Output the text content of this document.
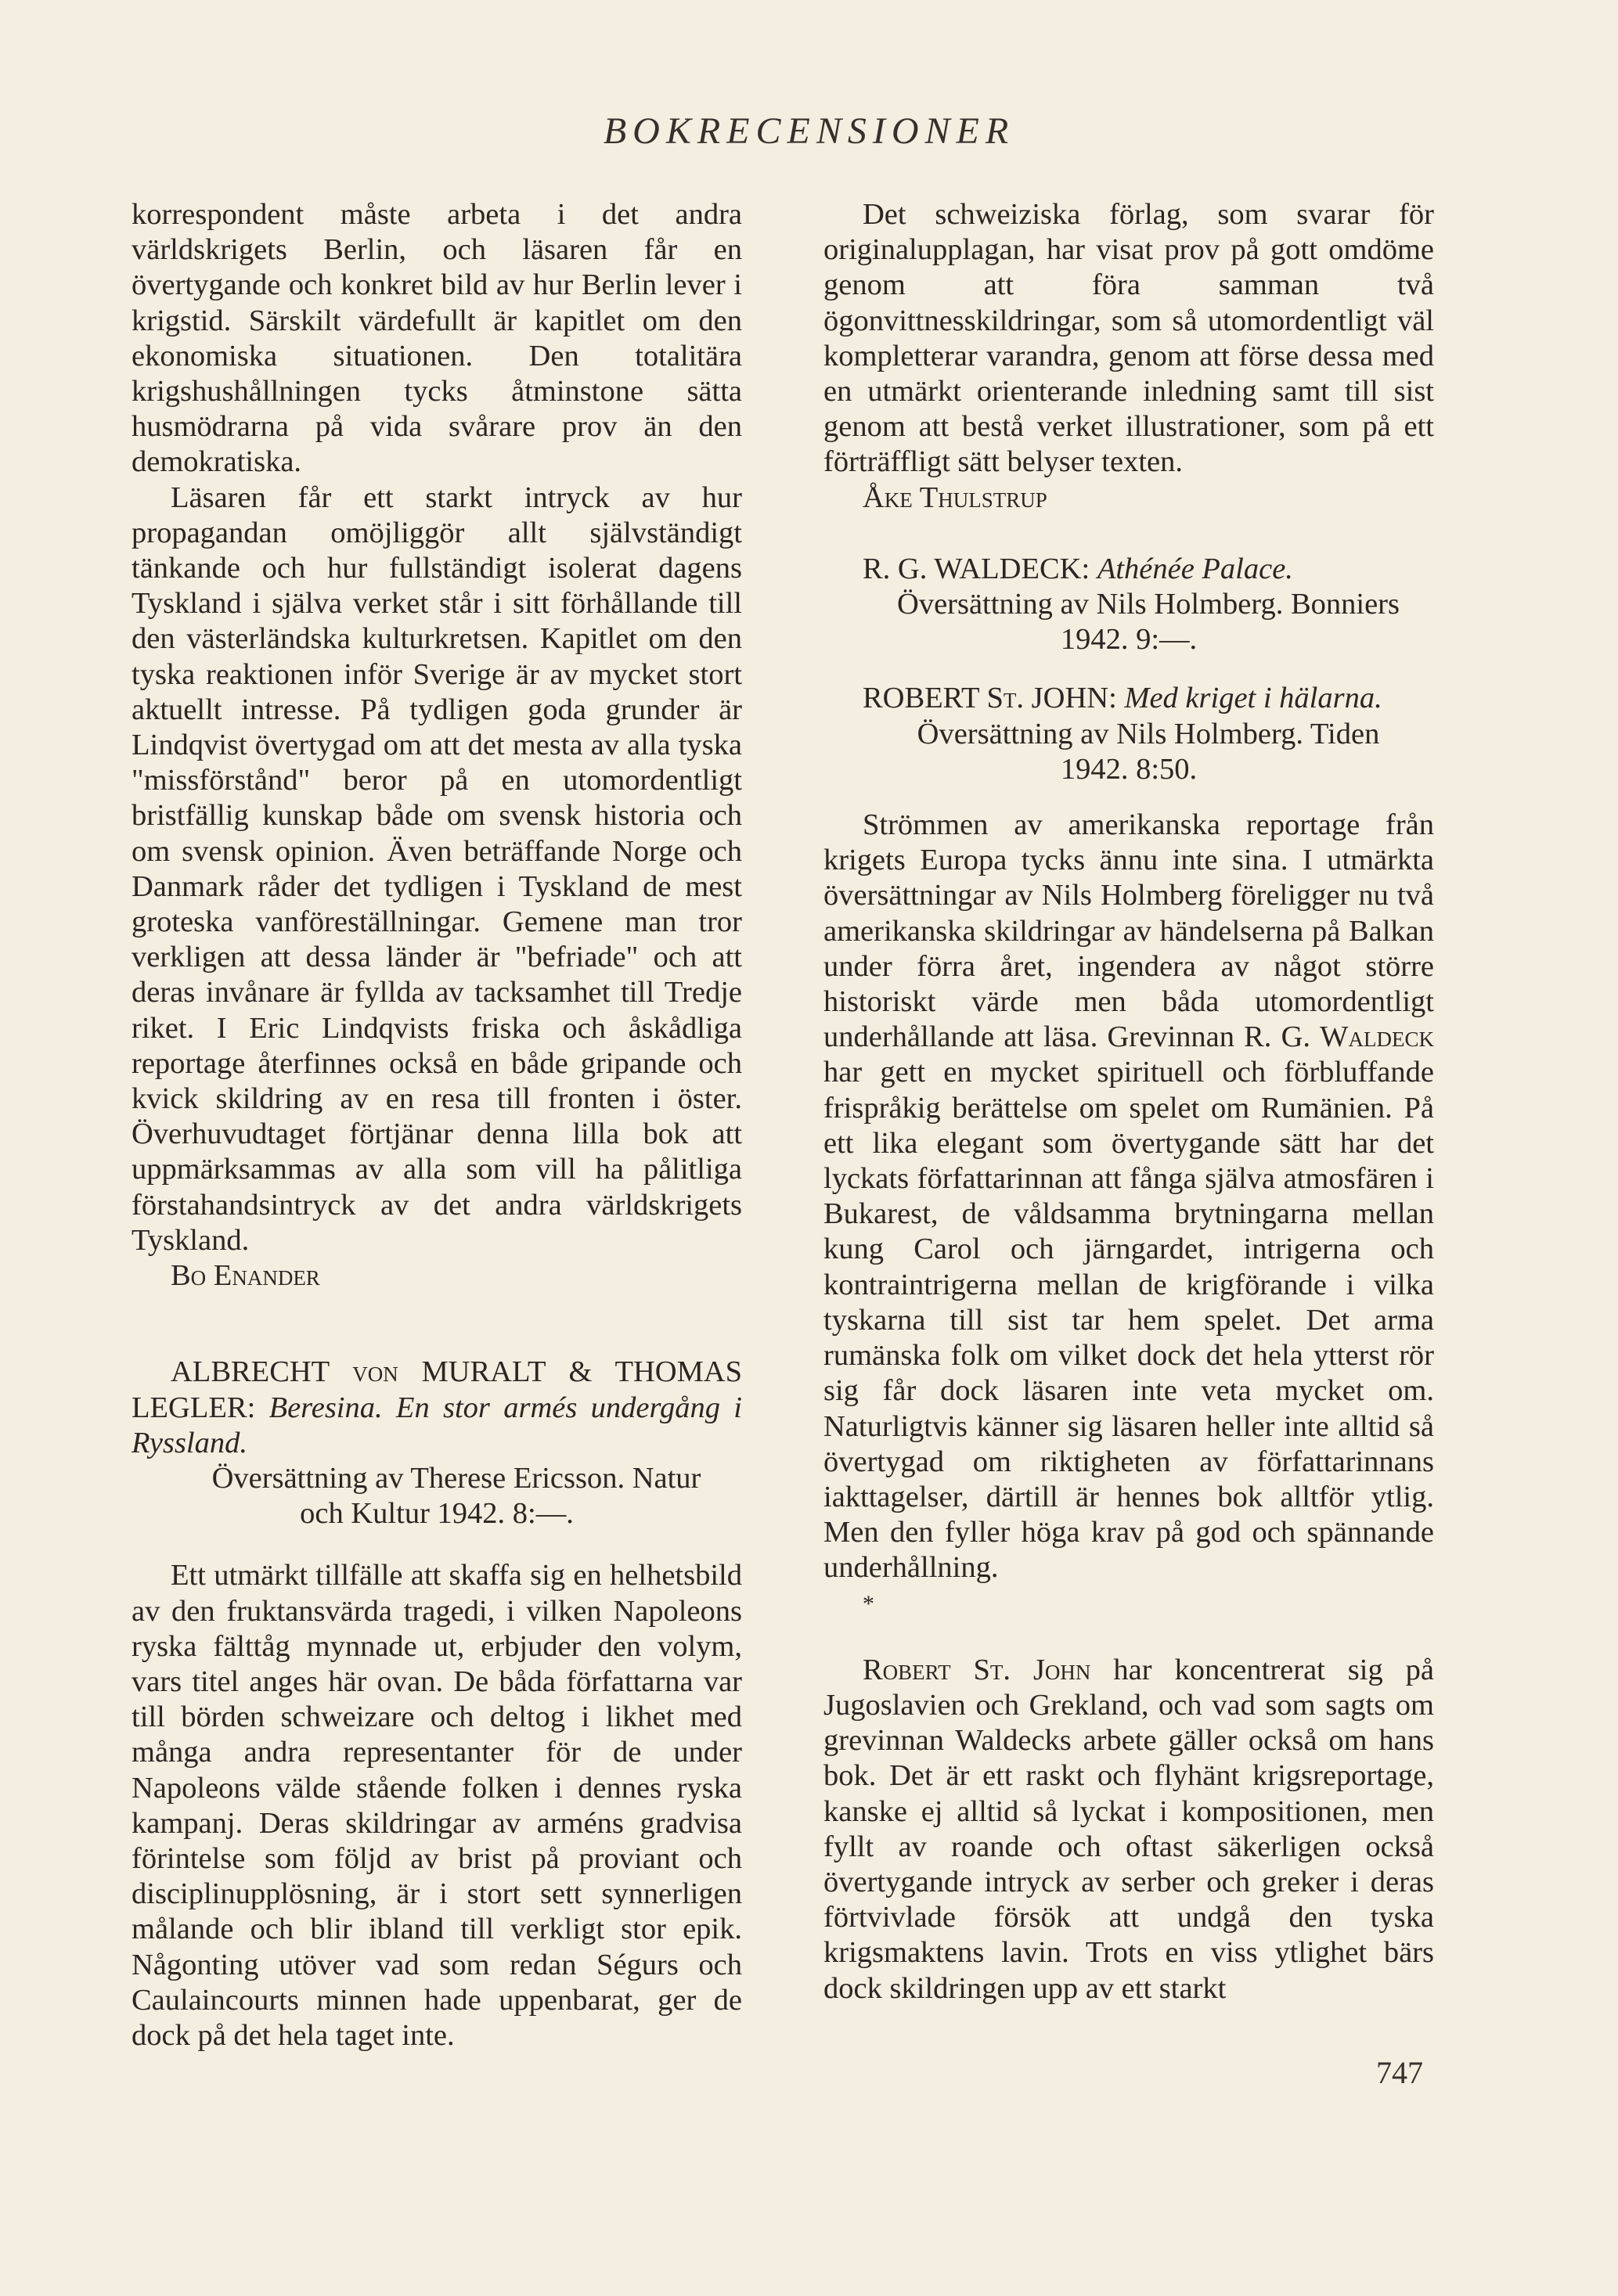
BOKRECENSIONER

korrespondent måste arbeta i det andra världskrigets Berlin, och läsaren får en övertygande och konkret bild av hur Berlin lever i krigstid. Särskilt värdefullt är kapitlet om den ekonomiska situationen. Den totalitära krigshushållningen tycks åtminstone sätta husmödrarna på vida svårare prov än den demokratiska.

Läsaren får ett starkt intryck av hur propagandan omöjliggör allt självständigt tänkande och hur fullständigt isolerat dagens Tyskland i själva verket står i sitt förhållande till den västerländska kulturkretsen. Kapitlet om den tyska reaktionen inför Sverige är av mycket stort aktuellt intresse. På tydligen goda grunder är Lindqvist övertygad om att det mesta av alla tyska "missförstånd" beror på en utomordentligt bristfällig kunskap både om svensk historia och om svensk opinion. Även beträffande Norge och Danmark råder det tydligen i Tyskland de mest groteska vanföreställningar. Gemene man tror verkligen att dessa länder är "befriade" och att deras invånare är fyllda av tacksamhet till Tredje riket. I Eric Lindqvists friska och åskådliga reportage återfinnes också en både gripande och kvick skildring av en resa till fronten i öster. Överhuvudtaget förtjänar denna lilla bok att uppmärksammas av alla som vill ha pålitliga förstahandsintryck av det andra världskrigets Tyskland.

Bo Enander

ALBRECHT von MURALT & THOMAS LEGLER: Beresina. En stor armés undergång i Ryssland.
Översättning av Therese Ericsson. Natur och Kultur 1942. 8:—.

Ett utmärkt tillfälle att skaffa sig en helhetsbild av den fruktansvärda tragedi, i vilken Napoleons ryska fälttåg mynnade ut, erbjuder den volym, vars titel anges här ovan. De båda författarna var till börden schweizare och deltog i likhet med många andra representanter för de under Napoleons välde stående folken i dennes ryska kampanj. Deras skildringar av arméns gradvisa förintelse som följd av brist på proviant och disciplinupplösning, är i stort sett synnerligen målande och blir ibland till verkligt stor epik. Någonting utöver vad som redan Ségurs och Caulaincourts minnen hade uppenbarat, ger de dock på det hela taget inte.

Det schweiziska förlag, som svarar för originalupplagan, har visat prov på gott omdöme genom att föra samman två ögonvittnesskildringar, som så utomordentligt väl kompletterar varandra, genom att förse dessa med en utmärkt orienterande inledning samt till sist genom att bestå verket illustrationer, som på ett förträffligt sätt belyser texten.

Åke Thulstrup

R. G. WALDECK: Athénée Palace.
Översättning av Nils Holmberg. Bonniers 1942. 9:—.

ROBERT St. JOHN: Med kriget i hälarna.
Översättning av Nils Holmberg. Tiden 1942. 8:50.

Strömmen av amerikanska reportage från krigets Europa tycks ännu inte sina. I utmärkta översättningar av Nils Holmberg föreligger nu två amerikanska skildringar av händelserna på Balkan under förra året, ingendera av något större historiskt värde men båda utomordentligt underhållande att läsa. Grevinnan R. G. Waldeck har gett en mycket spirituell och förbluffande frispråkig berättelse om spelet om Rumänien. På ett lika elegant som övertygande sätt har det lyckats författarinnan att fånga själva atmosfären i Bukarest, de våldsamma brytningarna mellan kung Carol och järngardet, intrigerna och kontraintrigerna mellan de krigförande i vilka tyskarna till sist tar hem spelet. Det arma rumänska folk om vilket dock det hela ytterst rör sig får dock läsaren inte veta mycket om. Naturligtvis känner sig läsaren heller inte alltid så övertygad om riktigheten av författarinnans iakttagelser, därtill är hennes bok alltför ytlig. Men den fyller höga krav på god och spännande underhållning.

*

Robert St. John har koncentrerat sig på Jugoslavien och Grekland, och vad som sagts om grevinnan Waldecks arbete gäller också om hans bok. Det är ett raskt och flyhänt krigsreportage, kanske ej alltid så lyckat i kompositionen, men fyllt av roande och oftast säkerligen också övertygande intryck av serber och greker i deras förtvivlade försök att undgå den tyska krigsmaktens lavin. Trots en viss ytlighet bärs dock skildringen upp av ett starkt

747
